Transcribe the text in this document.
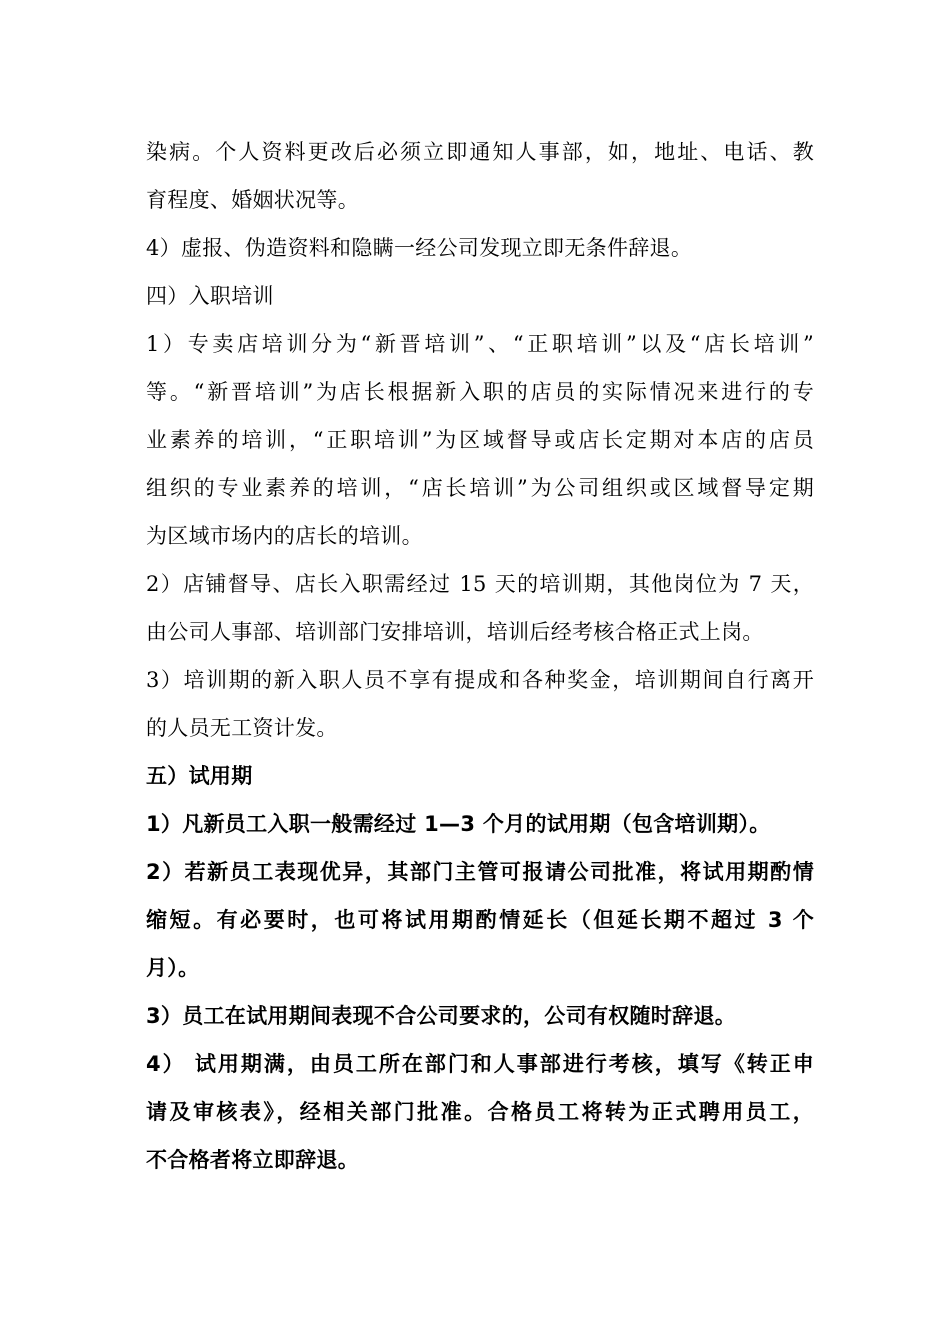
染病。个人资料更改后必须立即通知人事部，如，地址、电话、教
育程度、婚姻状况等。
4）虚报、伪造资料和隐瞒一经公司发现立即无条件辞退。
四）入职培训
1）专卖店培训分为“新晋培训”、“正职培训”以及“店长培训”
等。“新晋培训”为店长根据新入职的店员的实际情况来进行的专
业素养的培训，“正职培训”为区域督导或店长定期对本店的店员
组织的专业素养的培训，“店长培训”为公司组织或区域督导定期
为区域市场内的店长的培训。
2）店铺督导、店长入职需经过 15 天的培训期，其他岗位为 7 天，
由公司人事部、培训部门安排培训，培训后经考核合格正式上岗。
3）培训期的新入职人员不享有提成和各种奖金，培训期间自行离开
的人员无工资计发。
五）试用期
1）凡新员工入职一般需经过 1—3 个月的试用期（包含培训期）。
2）若新员工表现优异，其部门主管可报请公司批准，将试用期酌情
缩短。有必要时，也可将试用期酌情延长（但延长期不超过 3 个
月）。
3）员工在试用期间表现不合公司要求的，公司有权随时辞退。
4） 试用期满，由员工所在部门和人事部进行考核，填写《转正申
请及审核表》，经相关部门批准。合格员工将转为正式聘用员工，
不合格者将立即辞退。
